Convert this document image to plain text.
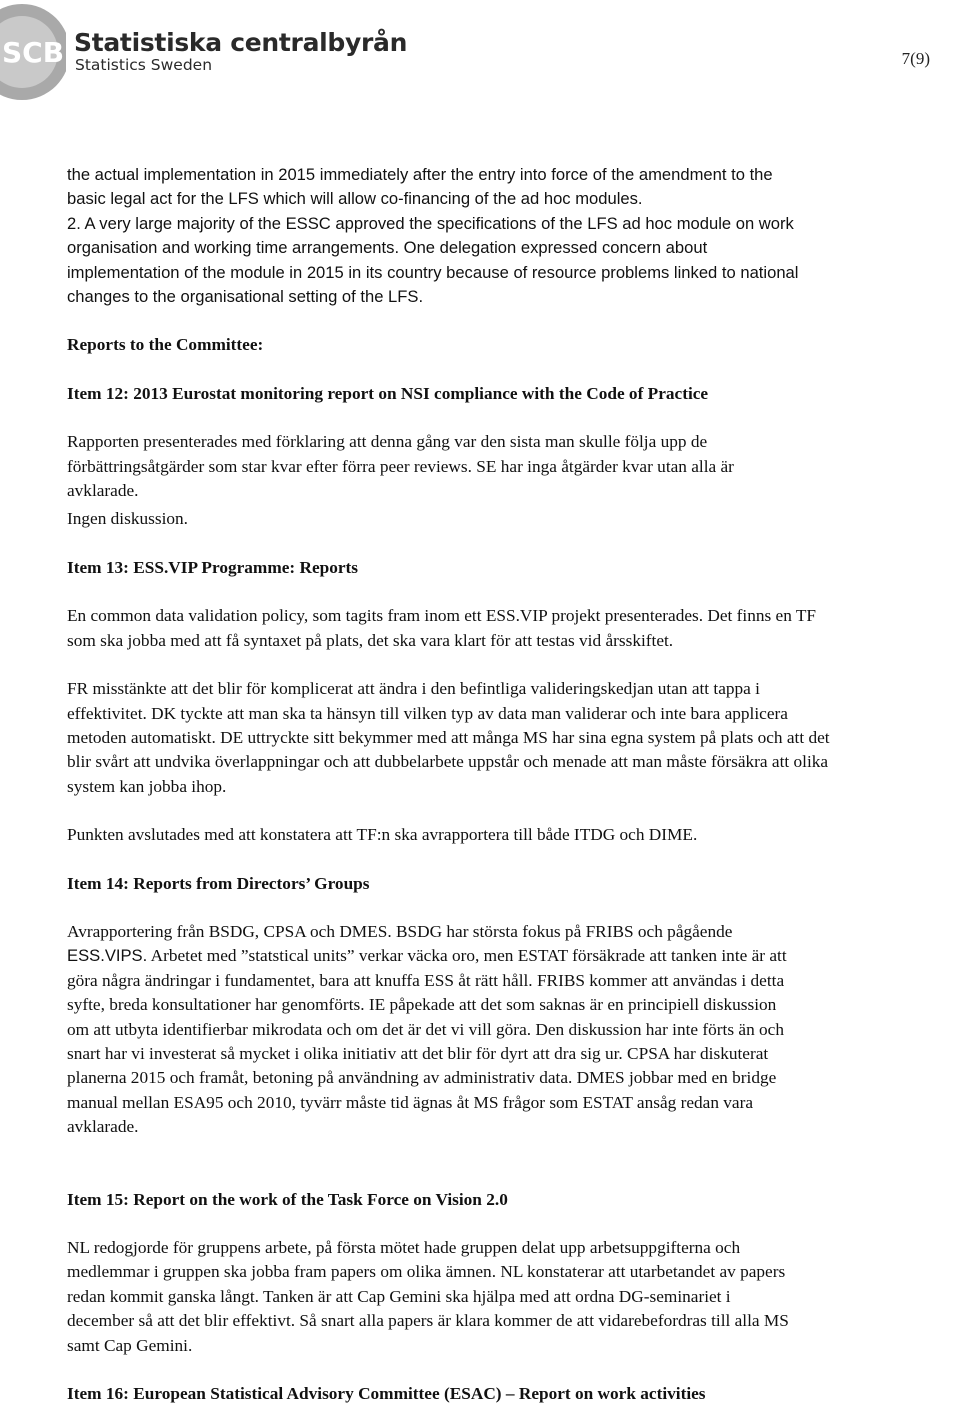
SCB Statistiska centralbyrån
Statistics Sweden	7(9)
the actual implementation in 2015 immediately after the entry into force of the amendment to the
basic legal act for the LFS which will allow co-financing of the ad hoc modules.
2. A very large majority of the ESSC approved the specifications of the LFS ad hoc module on work
organisation and working time arrangements. One delegation expressed concern about
implementation of the module in 2015 in its country because of resource problems linked to national
changes to the organisational setting of the LFS.
Reports to the Committee:
Item 12: 2013 Eurostat monitoring report on NSI compliance with the Code of Practice
Rapporten presenterades med förklaring att denna gång var den sista man skulle följa upp de
förbättringsåtgärder som star kvar efter förra peer reviews. SE har inga åtgärder kvar utan alla är
avklarade.
Ingen diskussion.
Item 13: ESS.VIP Programme: Reports
En common data validation policy, som tagits fram inom ett ESS.VIP projekt presenterades. Det finns en TF
som ska jobba med att få syntaxet på plats, det ska vara klart för att testas vid årsskiftet.
FR misstänkte att det blir för komplicerat att ändra i den befintliga valideringskedjan utan att tappa i
effektivitet. DK tyckte att man ska ta hänsyn till vilken typ av data man validerar och inte bara applicera
metoden automatiskt. DE uttryckte sitt bekymmer med att många MS har sina egna system på plats och att det
blir svårt att undvika överlappningar och att dubbelarbete uppstår och menade att man måste försäkra att olika
system kan jobba ihop.
Punkten avslutades med att konstatera att TF:n ska avrapportera till både ITDG och DIME.
Item 14: Reports from Directors’ Groups
Avrapportering från BSDG, CPSA och DMES. BSDG har största fokus på FRIBS och pågående
ESS.VIPS. Arbetet med ”statstical units” verkar väcka oro, men ESTAT försäkrade att tanken inte är att
göra några ändringar i fundamentet, bara att knuffa ESS åt rätt håll. FRIBS kommer att användas i detta
syfte, breda konsultationer har genomförts. IE påpekade att det som saknas är en principiell diskussion
om att utbyta identifierbar mikrodata och om det är det vi vill göra. Den diskussion har inte förts än och
snart har vi investerat så mycket i olika initiativ att det blir för dyrt att dra sig ur. CPSA har diskuterat
planerna 2015 och framåt, betoning på användning av administrativ data. DMES jobbar med en bridge
manual mellan ESA95 och 2010, tyvärr måste tid ägnas åt MS frågor som ESTAT ansåg redan vara
avklarade.
Item 15: Report on the work of the Task Force on Vision 2.0
NL redogjorde för gruppens arbete, på första mötet hade gruppen delat upp arbetsuppgifterna och
medlemmar i gruppen ska jobba fram papers om olika ämnen. NL konstaterar att utarbetandet av papers
redan kommit ganska långt. Tanken är att Cap Gemini ska hjälpa med att ordna DG-seminariet i
december så att det blir effektivt. Så snart alla papers är klara kommer de att vidarebefordras till alla MS
samt Cap Gemini.
Item 16: European Statistical Advisory Committee (ESAC) – Report on work activities
